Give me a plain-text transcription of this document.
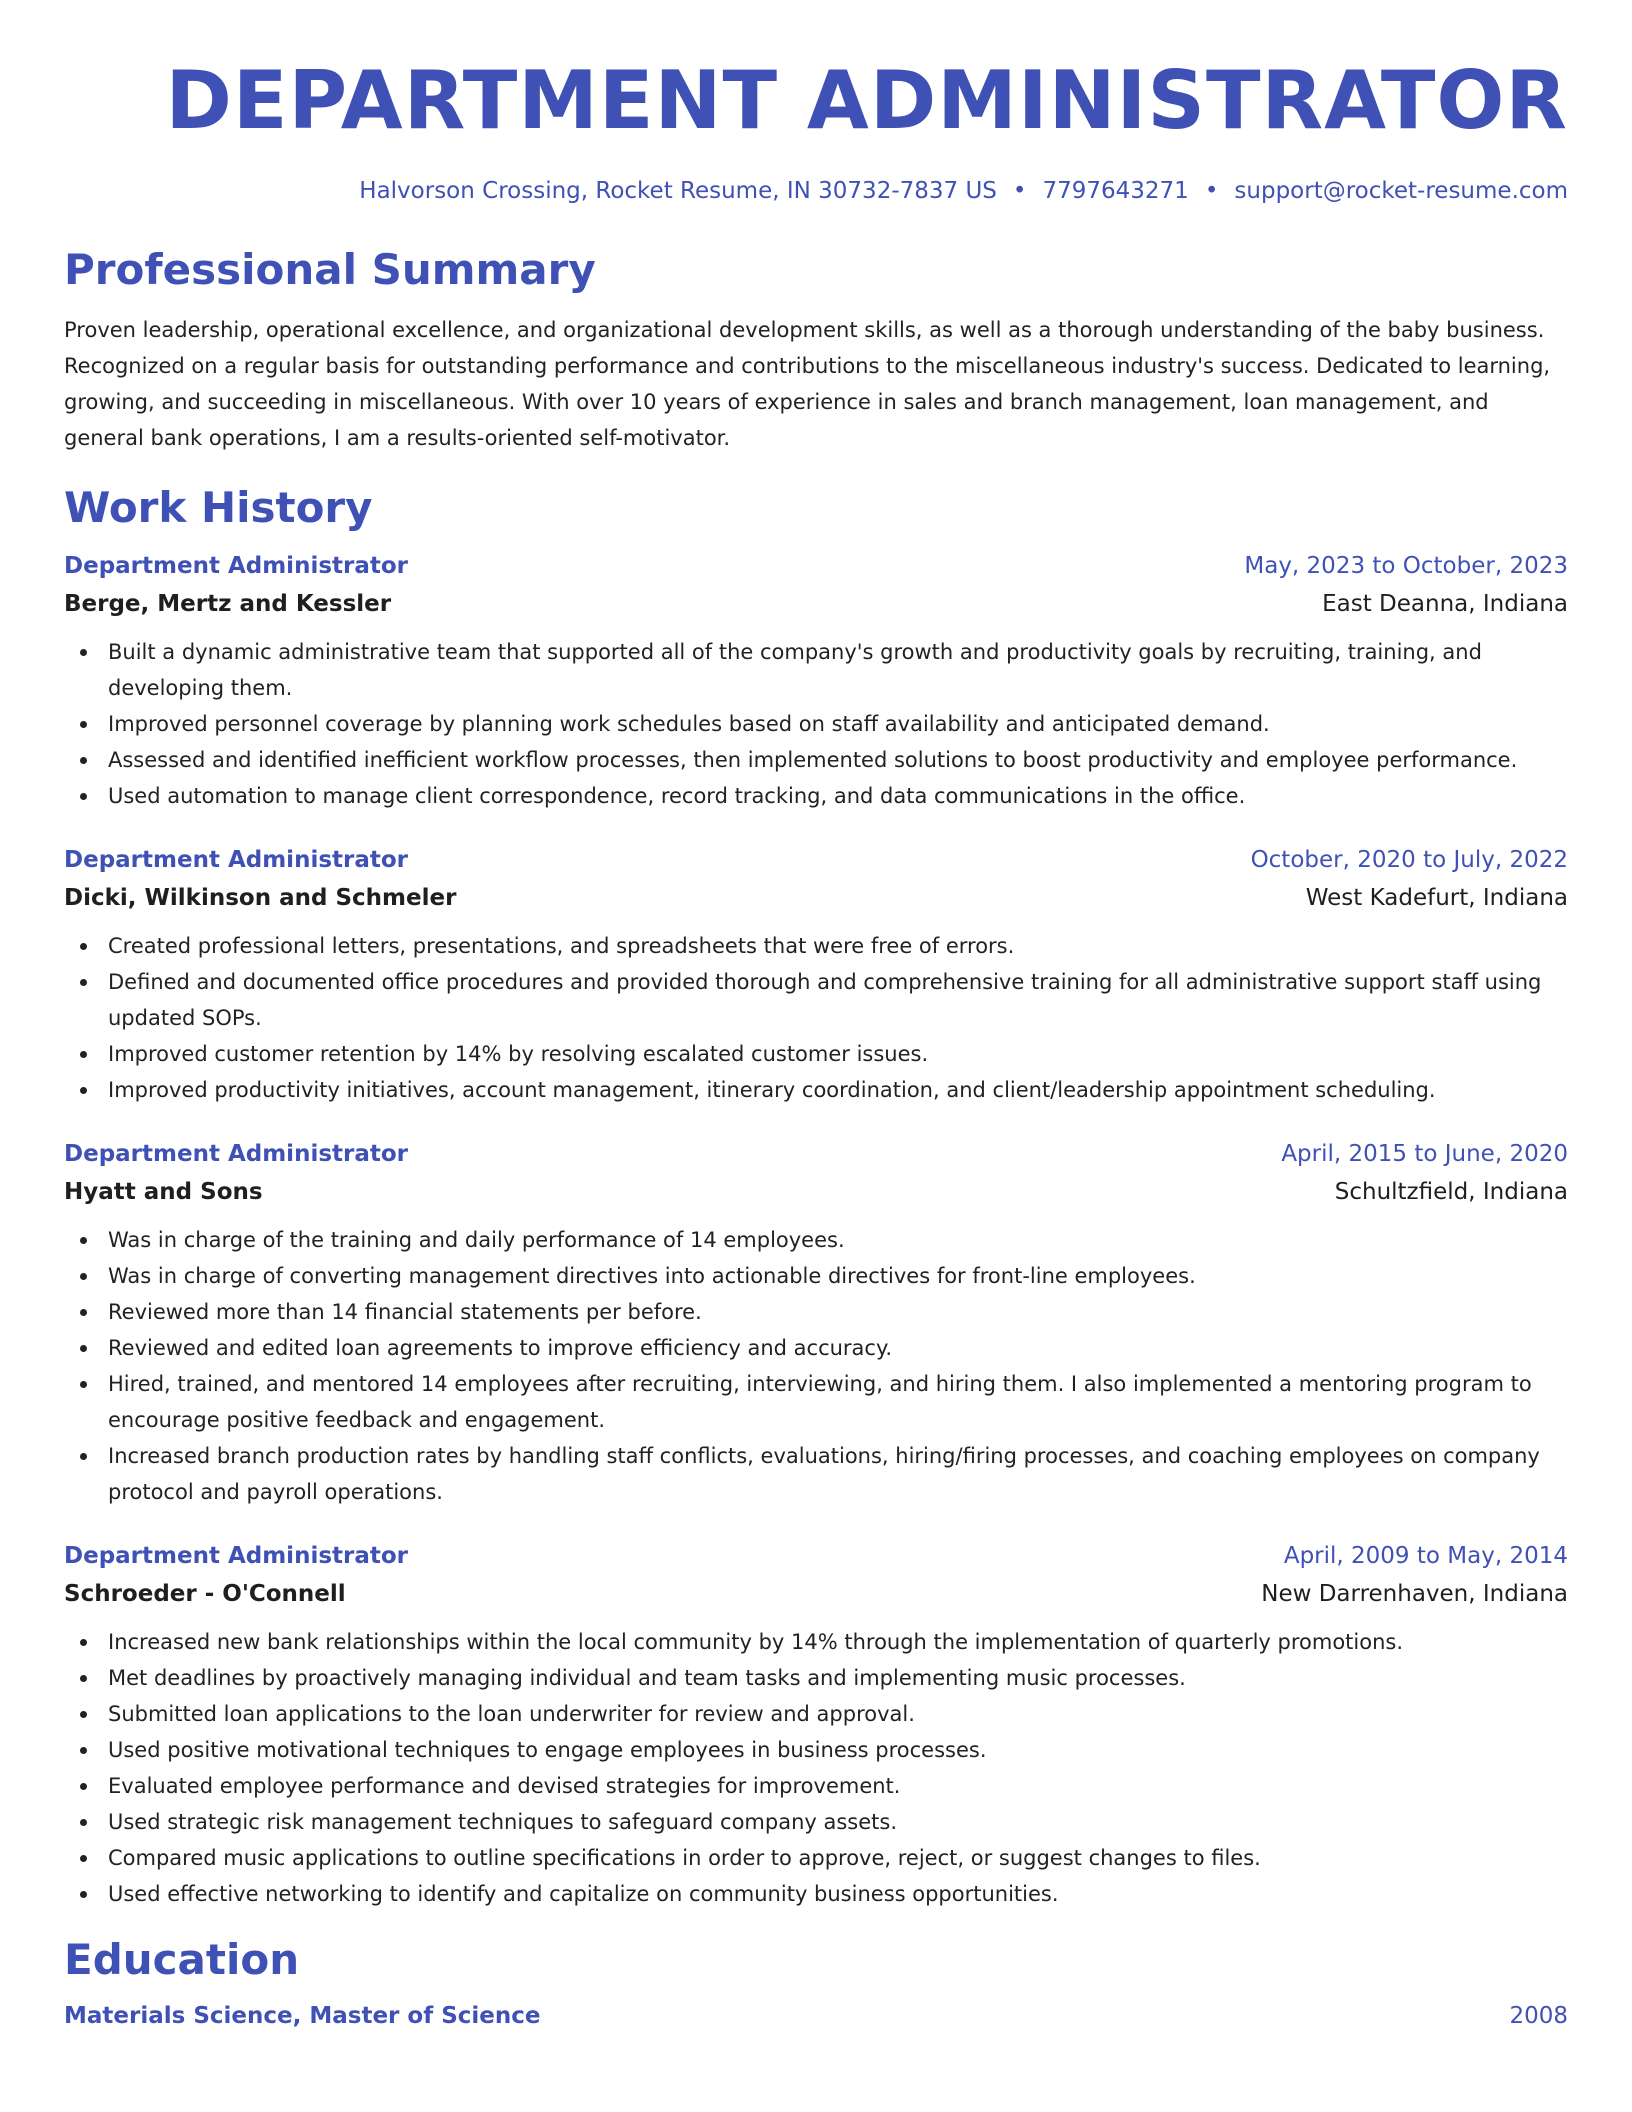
DEPARTMENT ADMINISTRATOR
Halvorson Crossing, Rocket Resume, IN 30732-7837 US • 7797643271 • support@rocket-resume.com
Professional Summary

Proven leadership, operational excellence, and organizational development skills, as well as a thorough understanding of the baby business. Recognized on a regular basis for outstanding performance and contributions to the miscellaneous industry's success. Dedicated to learning, growing, and succeeding in miscellaneous. With over 10 years of experience in sales and branch management, loan management, and general bank operations, I am a results-oriented self-motivator.

Work History
Department Administrator	May, 2023 to October, 2023
Berge, Mertz and Kessler	East Deanna, Indiana
Built a dynamic administrative team that supported all of the company's growth and productivity goals by recruiting, training, and developing them.
Improved personnel coverage by planning work schedules based on staff availability and anticipated demand.
Assessed and identified inefficient workflow processes, then implemented solutions to boost productivity and employee performance.
Used automation to manage client correspondence, record tracking, and data communications in the office.
Department Administrator	October, 2020 to July, 2022
Dicki, Wilkinson and Schmeler	West Kadefurt, Indiana
Created professional letters, presentations, and spreadsheets that were free of errors.
Defined and documented office procedures and provided thorough and comprehensive training for all administrative support staff using updated SOPs.
Improved customer retention by 14% by resolving escalated customer issues.
Improved productivity initiatives, account management, itinerary coordination, and client/leadership appointment scheduling.
Department Administrator	April, 2015 to June, 2020
Hyatt and Sons	Schultzfield, Indiana
Was in charge of the training and daily performance of 14 employees.
Was in charge of converting management directives into actionable directives for front-line employees.
Reviewed more than 14 financial statements per before.
Reviewed and edited loan agreements to improve efficiency and accuracy.
Hired, trained, and mentored 14 employees after recruiting, interviewing, and hiring them. I also implemented a mentoring program to encourage positive feedback and engagement.
Increased branch production rates by handling staff conflicts, evaluations, hiring/firing processes, and coaching employees on company protocol and payroll operations.
Department Administrator	April, 2009 to May, 2014
Schroeder - O'Connell	New Darrenhaven, Indiana
Increased new bank relationships within the local community by 14% through the implementation of quarterly promotions.
Met deadlines by proactively managing individual and team tasks and implementing music processes.
Submitted loan applications to the loan underwriter for review and approval.
Used positive motivational techniques to engage employees in business processes.
Evaluated employee performance and devised strategies for improvement.
Used strategic risk management techniques to safeguard company assets.
Compared music applications to outline specifications in order to approve, reject, or suggest changes to files.
Used effective networking to identify and capitalize on community business opportunities.
Education
Materials Science, Master of Science	2008
